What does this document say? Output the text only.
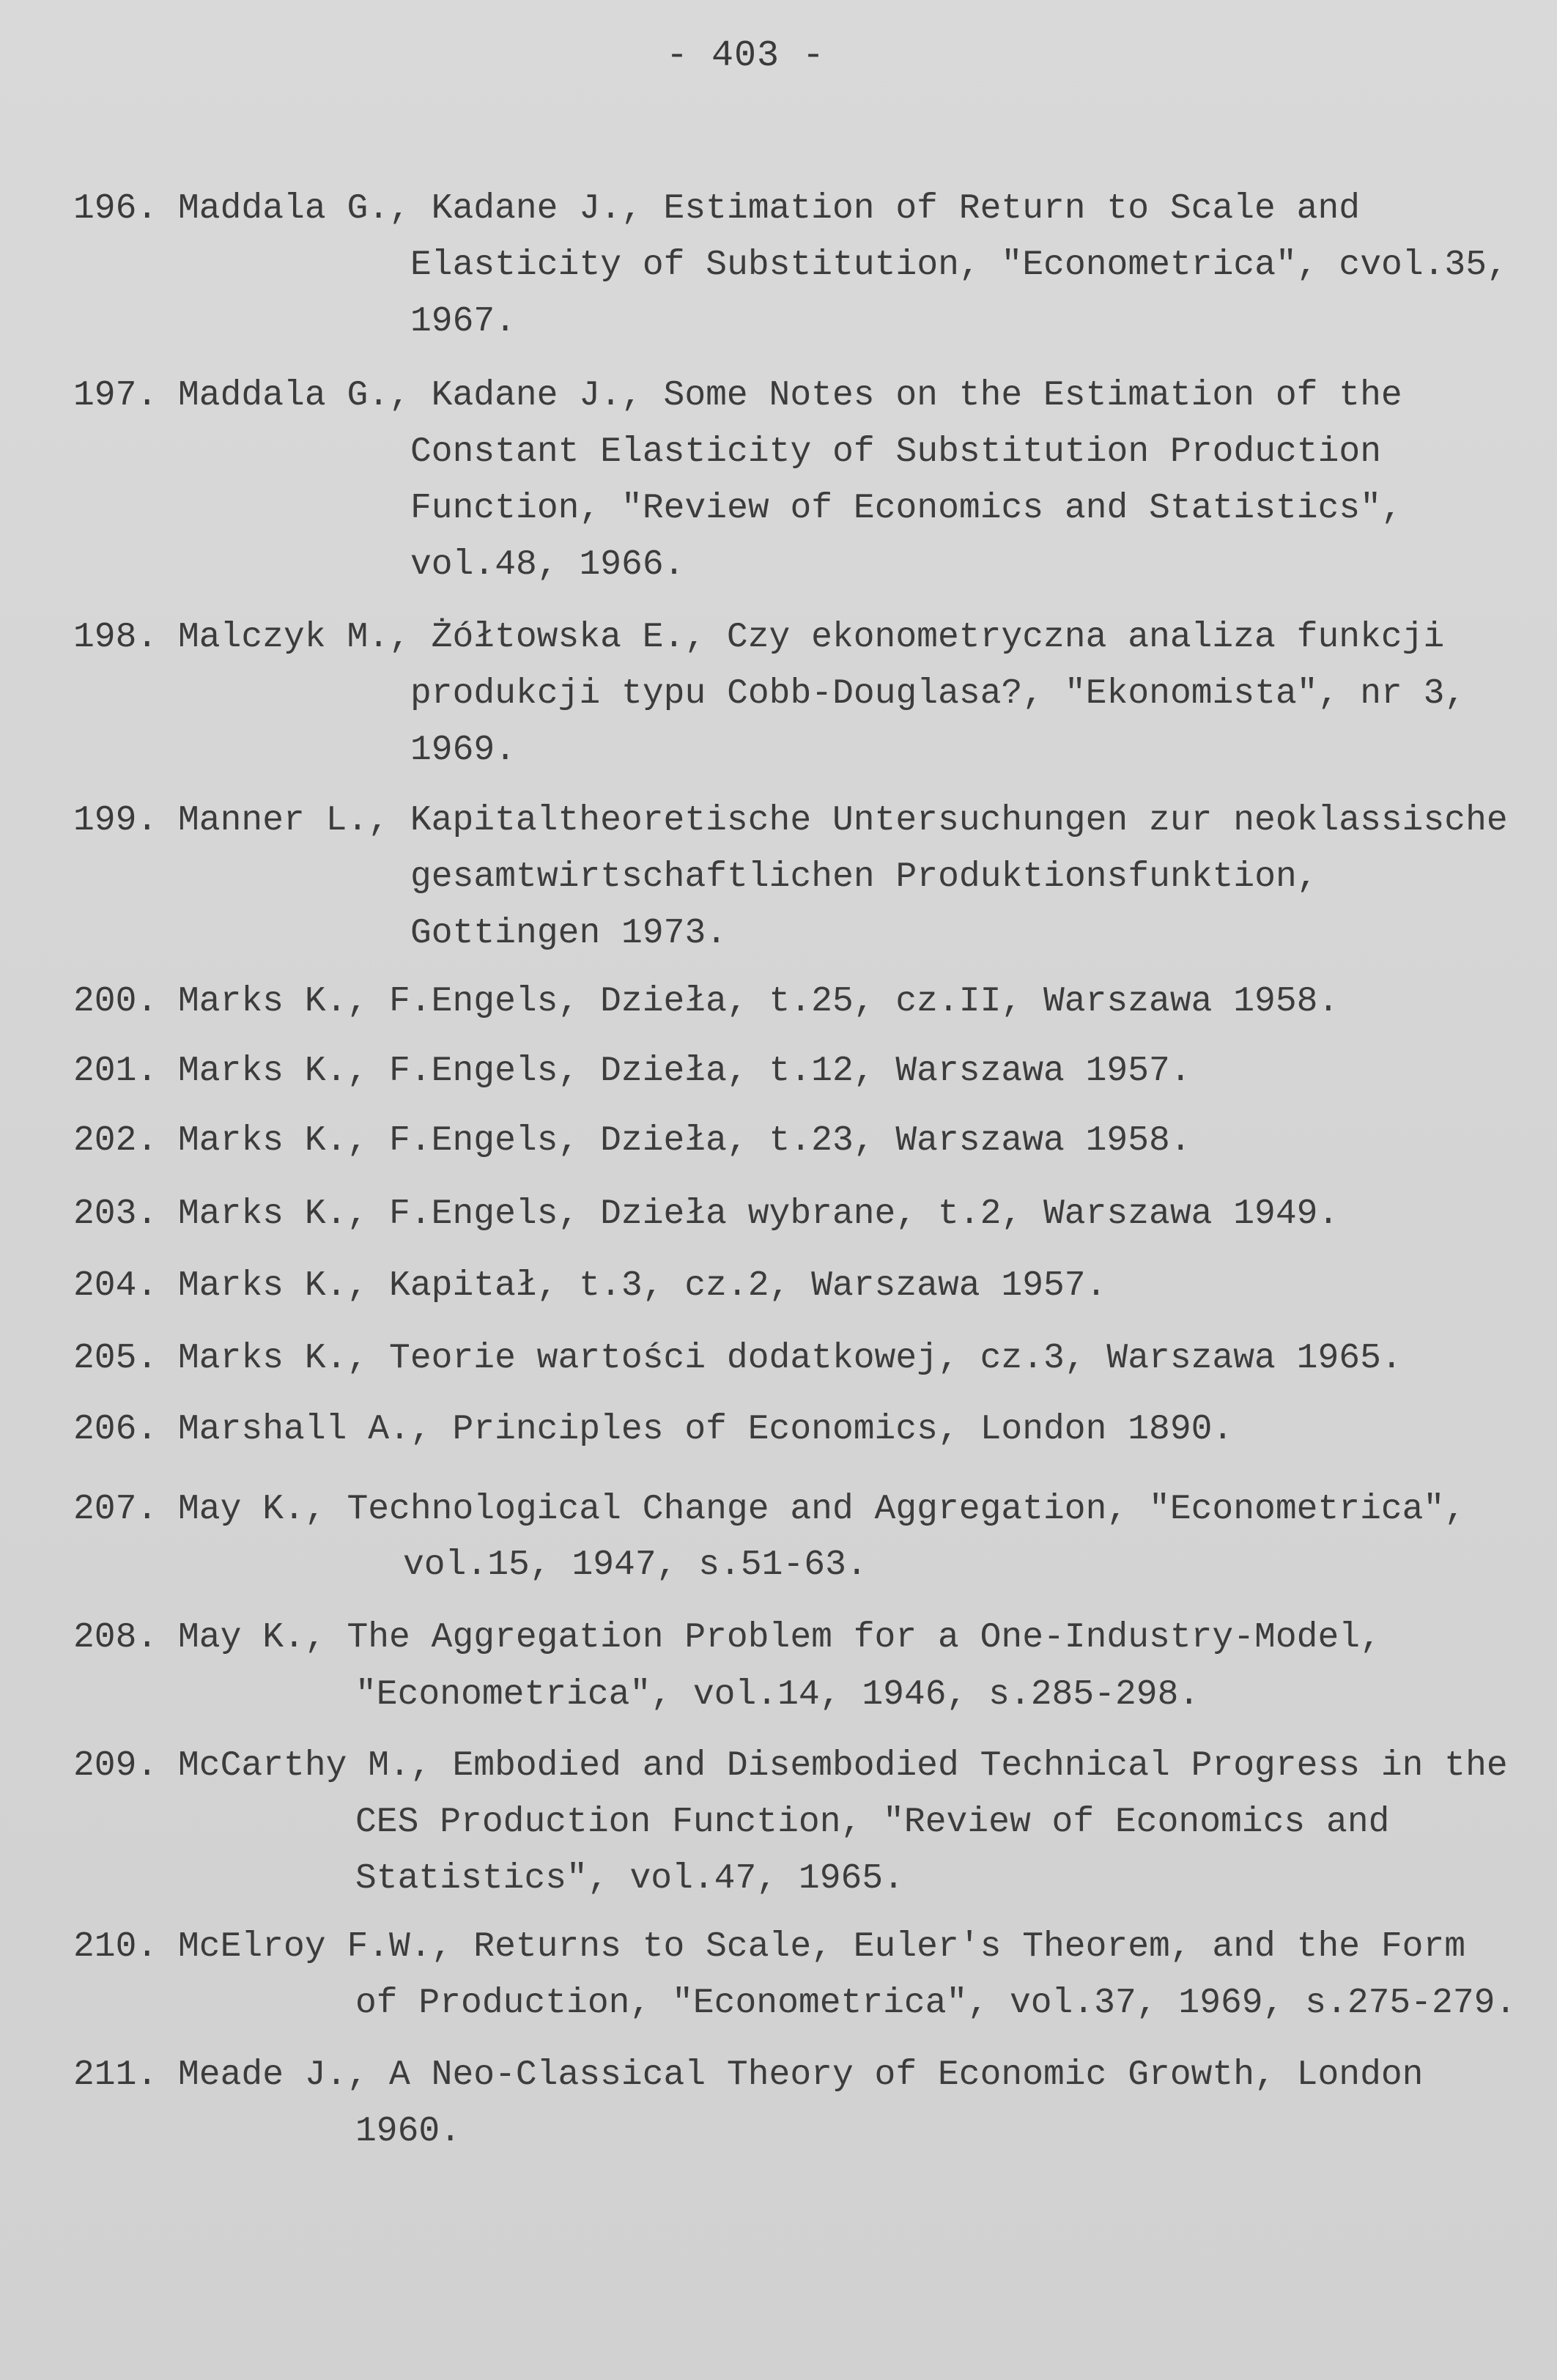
- 403 -
196. Maddala G., Kadane J., Estimation of Return to Scale and
Elasticity of Substitution, "Econometrica", cvol.35,
1967.
197. Maddala G., Kadane J., Some Notes on the Estimation of the
Constant Elasticity of Substitution Production
Function, "Review of Economics and Statistics",
vol.48, 1966.
198. Malczyk M., Żółtowska E., Czy ekonometryczna analiza funkcji
produkcji typu Cobb-Douglasa?, "Ekonomista", nr 3,
1969.
199. Manner L., Kapitaltheoretische Untersuchungen zur neoklassische
gesamtwirtschaftlichen Produktionsfunktion,
Gottingen 1973.
200. Marks K., F.Engels, Dzieła, t.25, cz.II, Warszawa 1958.
201. Marks K., F.Engels, Dzieła, t.12, Warszawa 1957.
202. Marks K., F.Engels, Dzieła, t.23, Warszawa 1958.
203. Marks K., F.Engels, Dzieła wybrane, t.2, Warszawa 1949.
204. Marks K., Kapitał, t.3, cz.2, Warszawa 1957.
205. Marks K., Teorie wartości dodatkowej, cz.3, Warszawa 1965.
206. Marshall A., Principles of Economics, London 1890.
207. May K., Technological Change and Aggregation, "Econometrica",
vol.15, 1947, s.51-63.
208. May K., The Aggregation Problem for a One-Industry-Model,
"Econometrica", vol.14, 1946, s.285-298.
209. McCarthy M., Embodied and Disembodied Technical Progress in the
CES Production Function, "Review of Economics and
Statistics", vol.47, 1965.
210. McElroy F.W., Returns to Scale, Euler's Theorem, and the Form
of Production, "Econometrica", vol.37, 1969, s.275-279.
211. Meade J., A Neo-Classical Theory of Economic Growth, London
1960.
